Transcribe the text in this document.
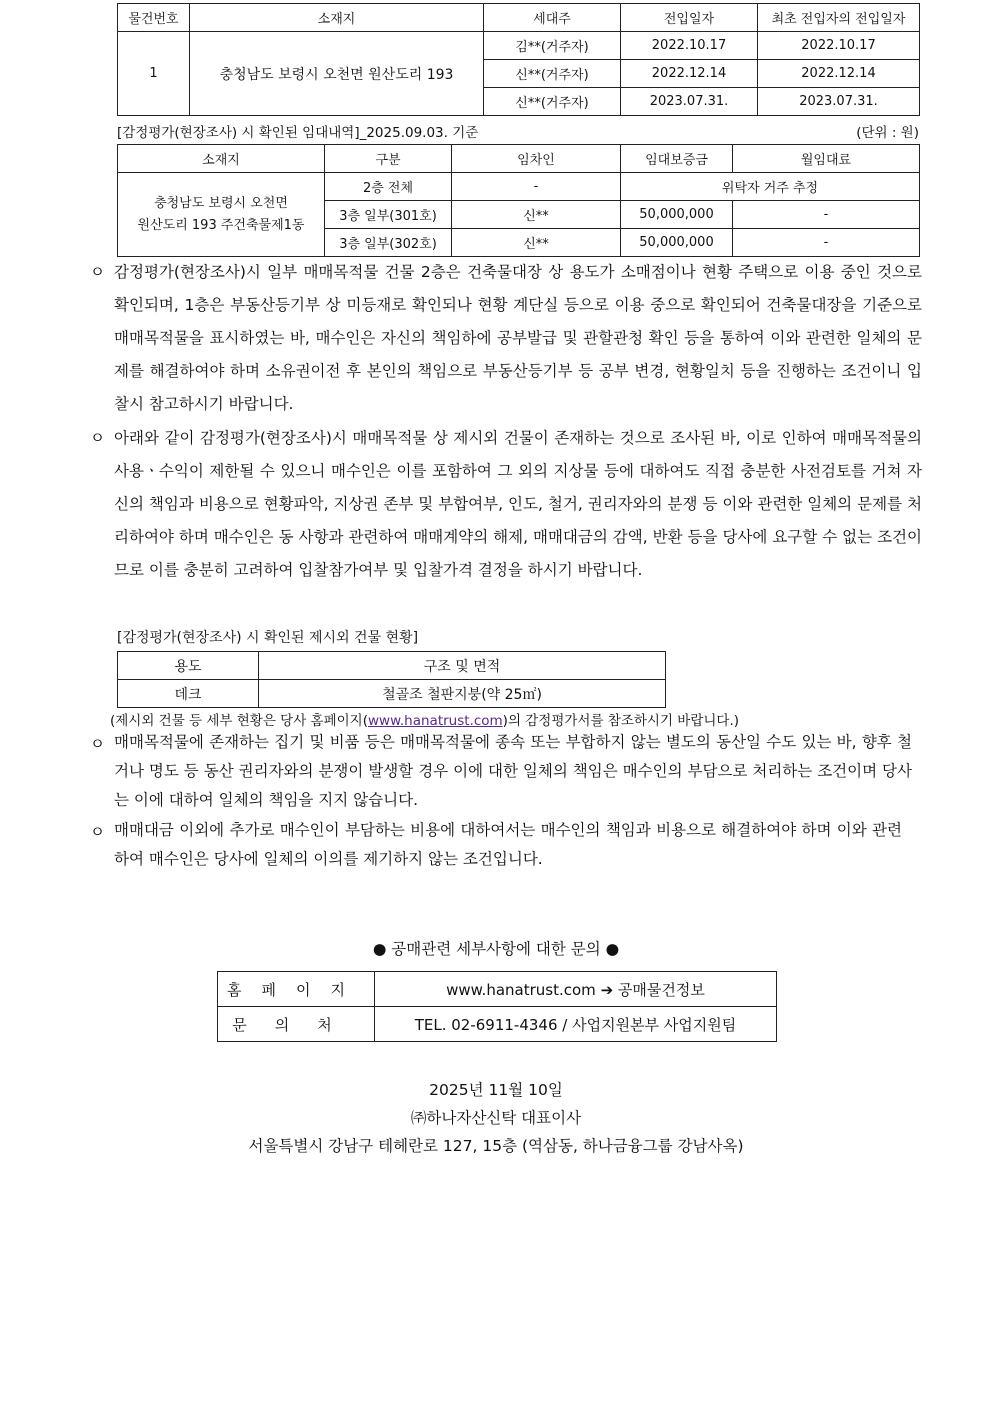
물건번호	소재지	세대주	전입일자	최초 전입자의 전입일자
1	충청남도 보령시 오천면 원산도리 193	김**(거주자)	2022.10.17	2022.10.17
		신**(거주자)	2022.12.14	2022.12.14
		신**(거주자)	2023.07.31.	2023.07.31.
[감정평가(현장조사) 시 확인된 임대내역]_2025.09.03. 기준	(단위 : 원)
소재지	구분	임차인	임대보증금	월임대료

충청남도 보령시 오천면
원산도리 193 주건축물제1동	2층 전체	-	위탁자 거주 추정	
	3층 일부(301호)	신**	50,000,000	-
	3층 일부(302호)	신**	50,000,000	-
ㅇ 감정평가(현장조사)시 일부 매매목적물 건물 2층은 건축물대장 상 용도가 소매점이나 현황 주택으로 이용 중인 것으로 확인되며, 1층은 부동산등기부 상 미등재로 확인되나 현황 계단실 등으로 이용 중으로 확인되어 건축물대장을 기준으로 매매목적물을 표시하였는 바, 매수인은 자신의 책임하에 공부발급 및 관할관청 확인 등을 통하여 이와 관련한 일체의 문제를 해결하여야 하며 소유권이전 후 본인의 책임으로 부동산등기부 등 공부 변경, 현황일치 등을 진행하는 조건이니 입찰시 참고하시기 바랍니다.
ㅇ 아래와 같이 감정평가(현장조사)시 매매목적물 상 제시외 건물이 존재하는 것으로 조사된 바, 이로 인하여 매매목적물의 사용ㆍ수익이 제한될 수 있으니 매수인은 이를 포함하여 그 외의 지상물 등에 대하여도 직접 충분한 사전검토를 거쳐 자신의 책임과 비용으로 현황파악, 지상권 존부 및 부합여부, 인도, 철거, 권리자와의 분쟁 등 이와 관련한 일체의 문제를 처리하여야 하며 매수인은 동 사항과 관련하여 매매계약의 해제, 매매대금의 감액, 반환 등을 당사에 요구할 수 없는 조건이므로 이를 충분히 고려하여 입찰참가여부 및 입찰가격 결정을 하시기 바랍니다.
[감정평가(현장조사) 시 확인된 제시외 건물 현황]
용도	구조 및 면적
데크	철골조 철판지붕(약 25㎡)
(제시외 건물 등 세부 현황은 당사 홈페이지(www.hanatrust.com)의 감정평가서를 참조하시기 바랍니다.)
ㅇ 매매목적물에 존재하는 집기 및 비품 등은 매매목적물에 종속 또는 부합하지 않는 별도의 동산일 수도 있는 바, 향후 철거나 명도 등 동산 권리자와의 분쟁이 발생할 경우 이에 대한 일체의 책임은 매수인의 부담으로 처리하는 조건이며 당사는 이에 대하여 일체의 책임을 지지 않습니다.
ㅇ 매매대금 이외에 추가로 매수인이 부담하는 비용에 대하여서는 매수인의 책임과 비용으로 해결하여야 하며 이와 관련하여 매수인은 당사에 일체의 이의를 제기하지 않는 조건입니다.
● 공매관련 세부사항에 대한 문의 ●
홈페이지	www.hanatrust.com ➔ 공매물건정보
문의처	TEL. 02-6911-4346 / 사업지원본부 사업지원팀
2025년 11월 10일
㈜하나자산신탁 대표이사
서울특별시 강남구 테헤란로 127, 15층 (역삼동, 하나금융그룹 강남사옥)
